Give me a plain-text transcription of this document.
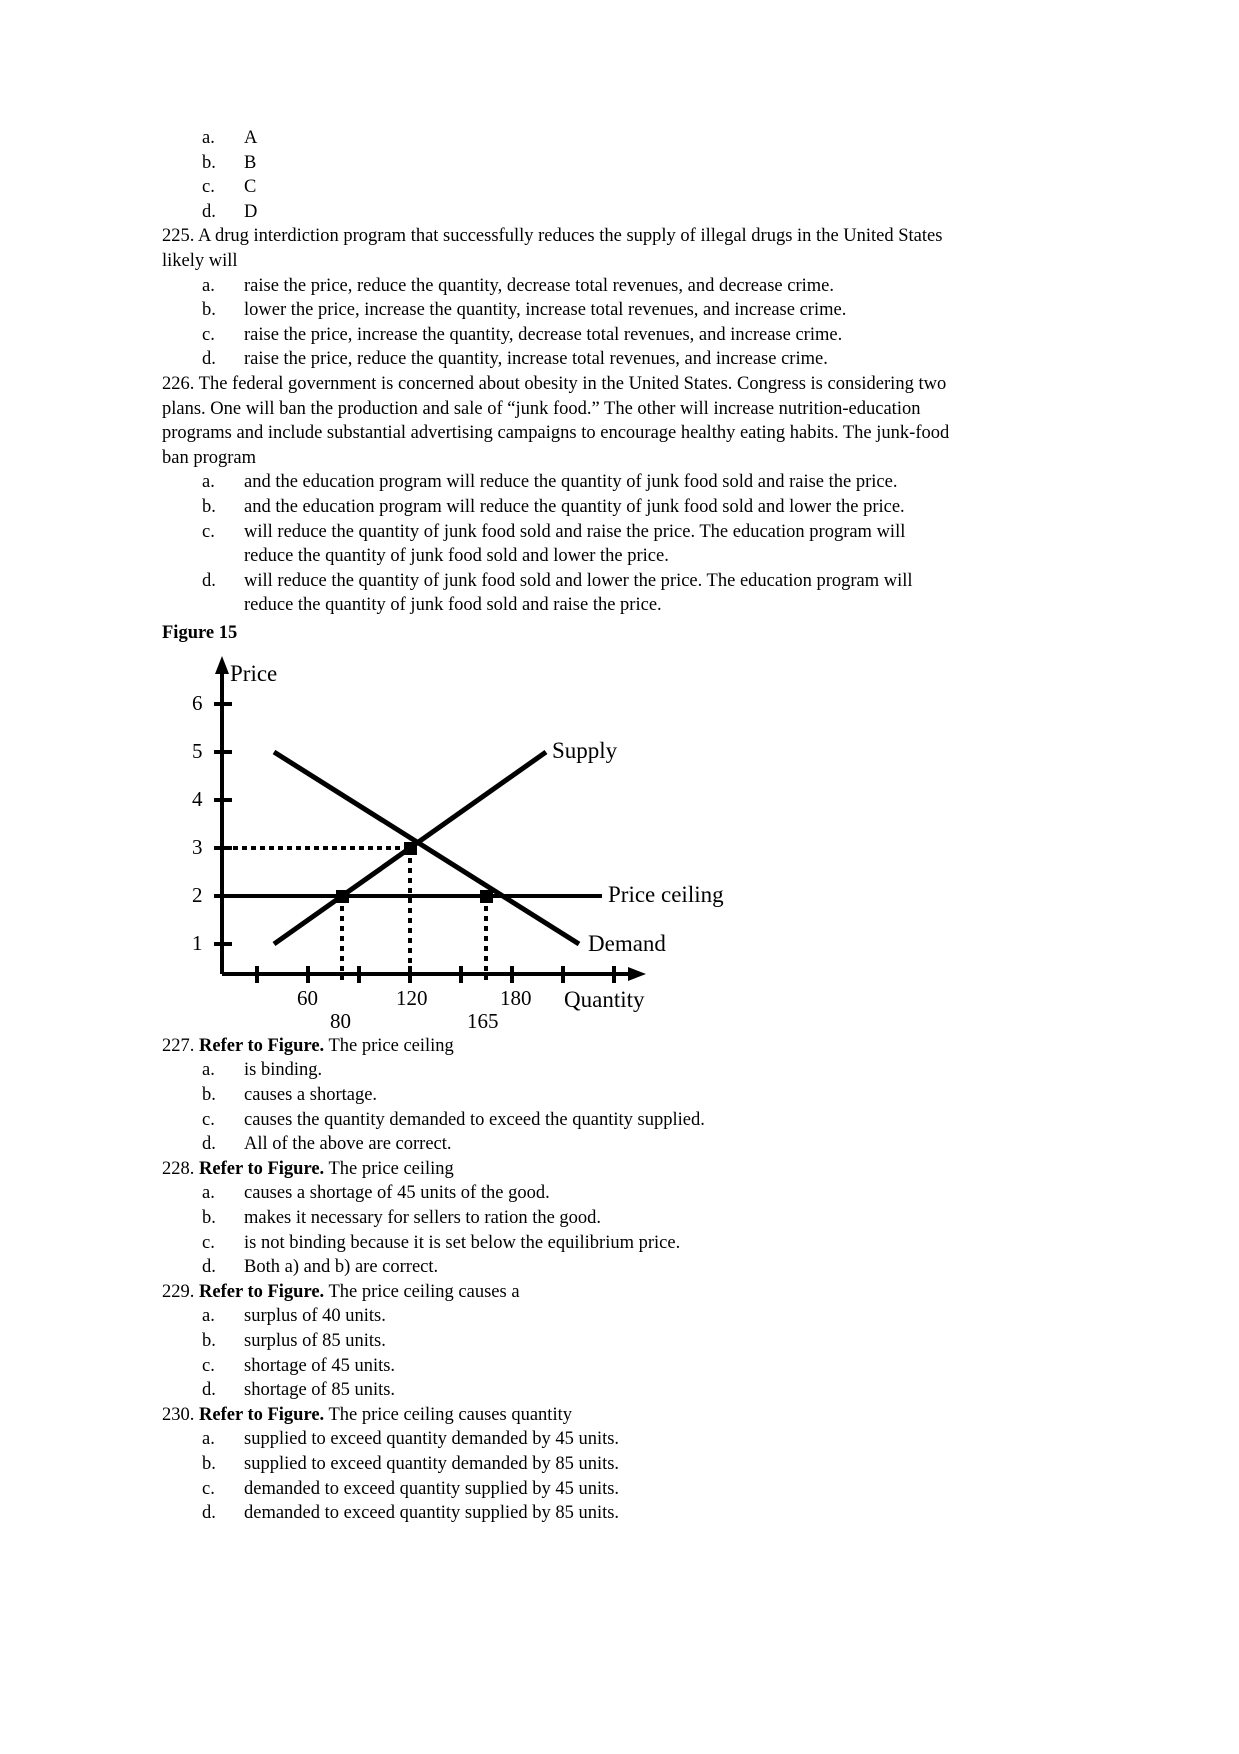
a.	A
b.	B
c.	C
d.	D
225. A drug interdiction program that successfully reduces the supply of illegal drugs in the United States likely will
a.	raise the price, reduce the quantity, decrease total revenues, and decrease crime.
b.	lower the price, increase the quantity, increase total revenues, and increase crime.
c.	raise the price, increase the quantity, decrease total revenues, and increase crime.
d.	raise the price, reduce the quantity, increase total revenues, and increase crime.
226. The federal government is concerned about obesity in the United States. Congress is considering two plans. One will ban the production and sale of “junk food.” The other will increase nutrition-education programs and include substantial advertising campaigns to encourage healthy eating habits. The junk-food ban program
a.	and the education program will reduce the quantity of junk food sold and raise the price.
b.	and the education program will reduce the quantity of junk food sold and lower the price.
c.	will reduce the quantity of junk food sold and raise the price. The education program will reduce the quantity of junk food sold and lower the price.
d.	will reduce the quantity of junk food sold and lower the price. The education program will reduce the quantity of junk food sold and raise the price.
Figure 15
Price
6
5
4
3
2
1
60	120	180
80	165
Quantity
Supply
Price ceiling
Demand
227. Refer to Figure. The price ceiling
a.	is binding.
b.	causes a shortage.
c.	causes the quantity demanded to exceed the quantity supplied.
d.	All of the above are correct.
228. Refer to Figure. The price ceiling
a.	causes a shortage of 45 units of the good.
b.	makes it necessary for sellers to ration the good.
c.	is not binding because it is set below the equilibrium price.
d.	Both a) and b) are correct.
229. Refer to Figure. The price ceiling causes a
a.	surplus of 40 units.
b.	surplus of 85 units.
c.	shortage of 45 units.
d.	shortage of 85 units.
230. Refer to Figure. The price ceiling causes quantity
a.	supplied to exceed quantity demanded by 45 units.
b.	supplied to exceed quantity demanded by 85 units.
c.	demanded to exceed quantity supplied by 45 units.
d.	demanded to exceed quantity supplied by 85 units.
